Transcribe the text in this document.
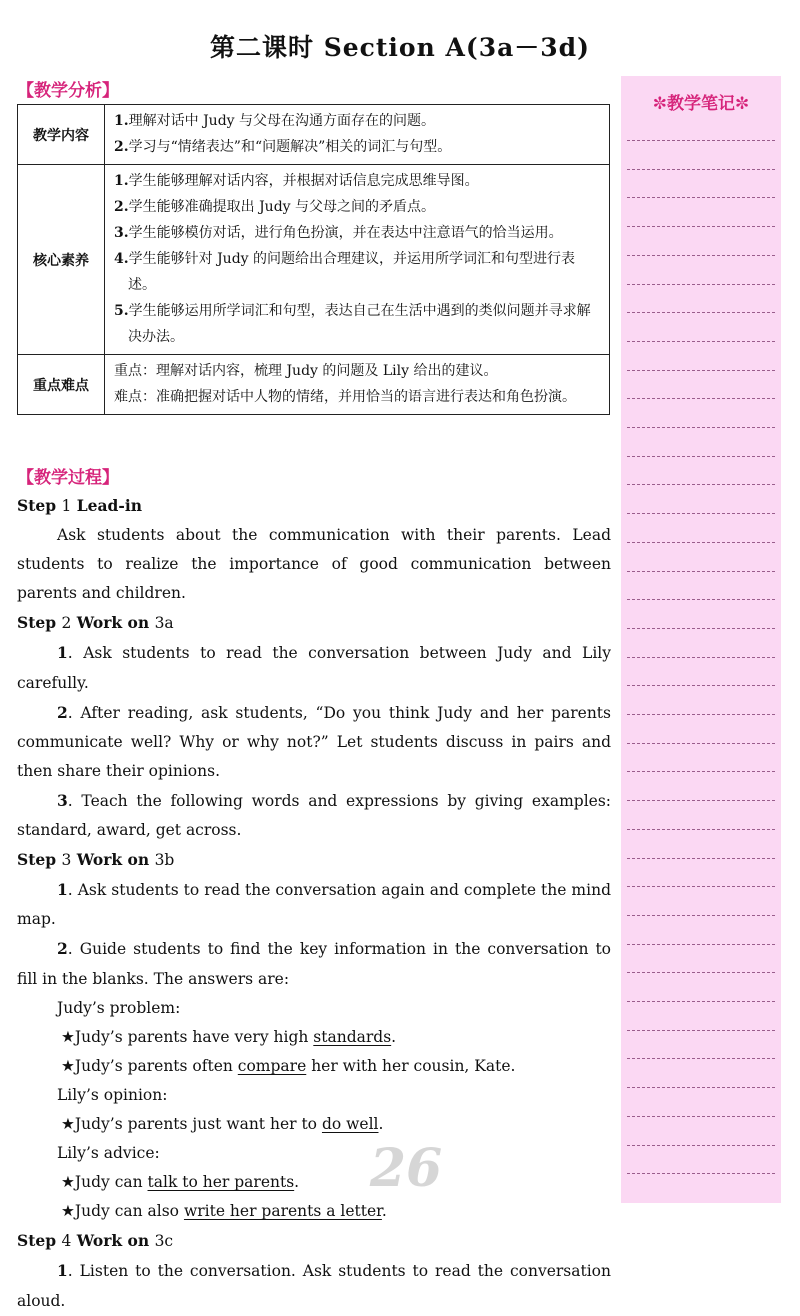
第二课时 Section A(3a－3d)
【教学分析】
教学内容	1.理解对话中 Judy 与父母在沟通方面存在的问题。
2.学习与“情绪表达”和“问题解决”相关的词汇与句型。

核心素养	1.学生能够理解对话内容，并根据对话信息完成思维导图。
2.学生能够准确提取出 Judy 与父母之间的矛盾点。
3.学生能够模仿对话，进行角色扮演，并在表达中注意语气的恰当运用。
4.学生能够针对 Judy 的问题给出合理建议，并运用所学词汇和句型进行表述。
5.学生能够运用所学词汇和句型，表达自己在生活中遇到的类似问题并寻求解决办法。

重点难点	重点：理解对话内容，梳理 Judy 的问题及 Lily 给出的建议。
难点：准确把握对话中人物的情绪，并用恰当的语言进行表达和角色扮演。
【教学过程】
Step 1 Lead-in
Ask students about the communication with their parents. Lead students to realize the importance of good communication between parents and children.
Step 2 Work on 3a
1. Ask students to read the conversation between Judy and Lily carefully.
2. After reading, ask students, “Do you think Judy and her parents communicate well? Why or why not?” Let students discuss in pairs and then share their opinions.
3. Teach the following words and expressions by giving examples: standard, award, get across.
Step 3 Work on 3b
1. Ask students to read the conversation again and complete the mind map.
2. Guide students to find the key information in the conversation to fill in the blanks. The answers are:
Judy’s problem:
★Judy’s parents have very high standards.
★Judy’s parents often compare her with her cousin, Kate.
Lily’s opinion:
★Judy’s parents just want her to do well.
Lily’s advice:
★Judy can talk to her parents.
★Judy can also write her parents a letter.
Step 4 Work on 3c
1. Listen to the conversation. Ask students to read the conversation aloud.
✼教学笔记✼
26
